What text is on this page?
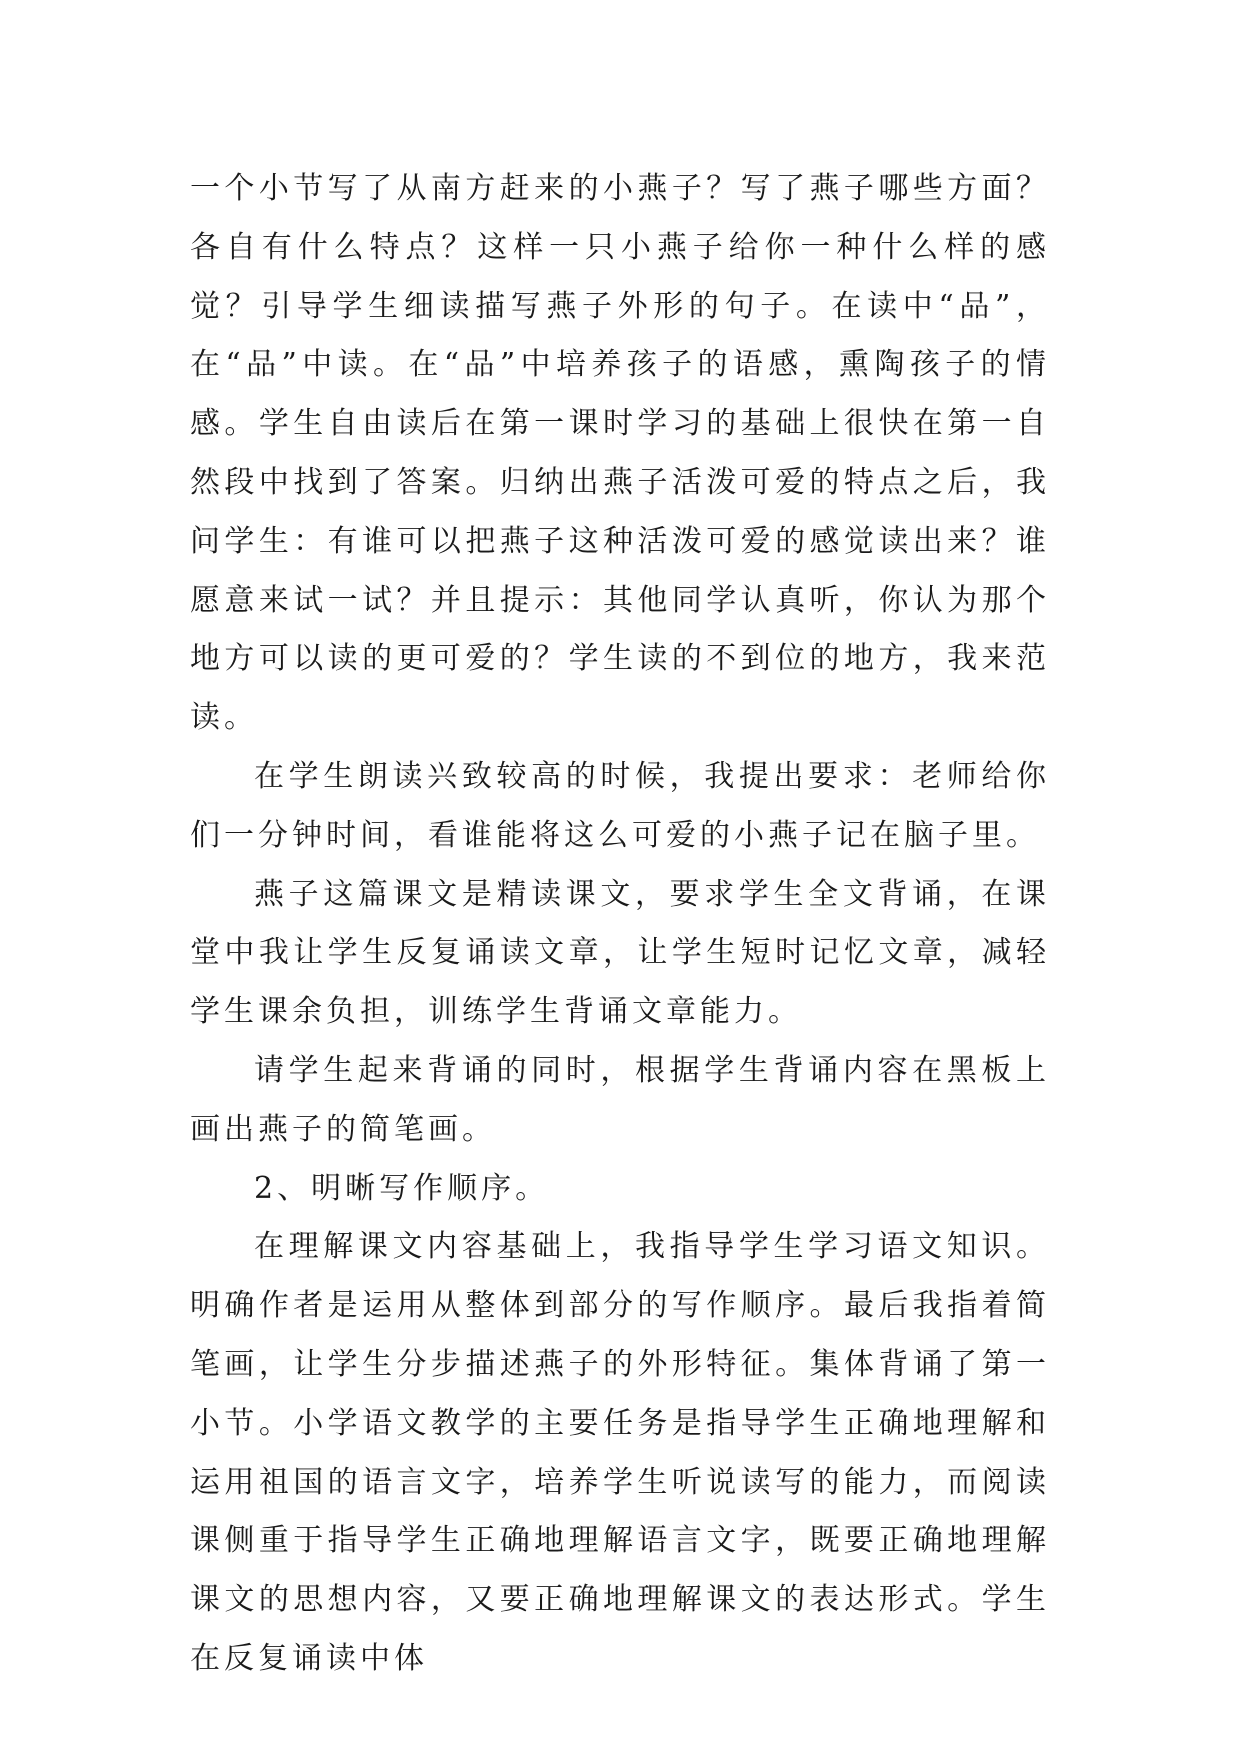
一个小节写了从南方赶来的小燕子？写了燕子哪些方面？各自有什么特点？这样一只小燕子给你一种什么样的感觉？引导学生细读描写燕子外形的句子。在读中“品”，在“品”中读。在“品”中培养孩子的语感，熏陶孩子的情感。学生自由读后在第一课时学习的基础上很快在第一自然段中找到了答案。归纳出燕子活泼可爱的特点之后，我问学生：有谁可以把燕子这种活泼可爱的感觉读出来？谁愿意来试一试？并且提示：其他同学认真听，你认为那个地方可以读的更可爱的？学生读的不到位的地方，我来范读。

在学生朗读兴致较高的时候，我提出要求：老师给你们一分钟时间，看谁能将这么可爱的小燕子记在脑子里。

燕子这篇课文是精读课文，要求学生全文背诵，在课堂中我让学生反复诵读文章，让学生短时记忆文章，减轻学生课余负担，训练学生背诵文章能力。

请学生起来背诵的同时，根据学生背诵内容在黑板上画出燕子的简笔画。

2、明晰写作顺序。

在理解课文内容基础上，我指导学生学习语文知识。明确作者是运用从整体到部分的写作顺序。最后我指着简笔画，让学生分步描述燕子的外形特征。集体背诵了第一小节。小学语文教学的主要任务是指导学生正确地理解和运用祖国的语言文字，培养学生听说读写的能力，而阅读课侧重于指导学生正确地理解语言文字，既要正确地理解课文的思想内容，又要正确地理解课文的表达形式。学生在反复诵读中体
